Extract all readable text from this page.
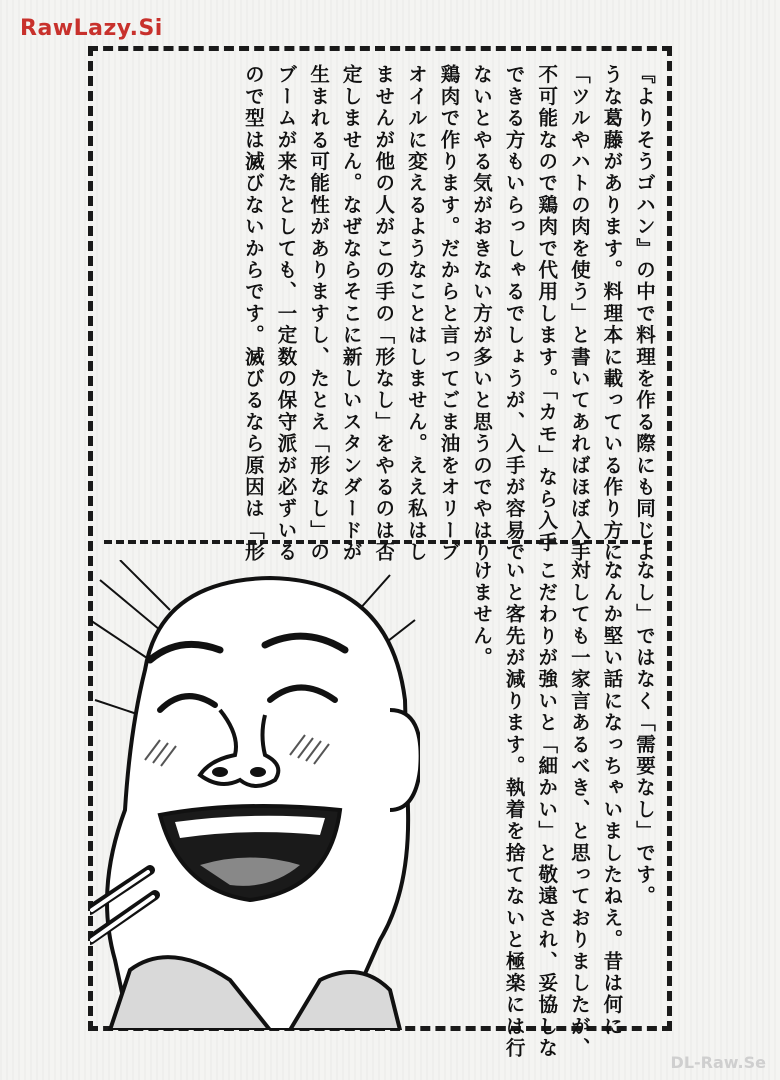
RawLazy.Si
DL-Raw.Se
『よりそうゴハン』の中で料理を作る際にも同じよ
うな葛藤があります。料理本に載っている作り方に、
「ツルやハトの肉を使う」と書いてあればほぼ入手
不可能なので鶏肉で代用します。「カモ」なら入手
できる方もいらっしゃるでしょうが、入手が容易で
ないとやる気がおきない方が多いと思うのでやはり
鶏肉で作ります。だからと言ってごま油をオリーブ
オイルに変えるようなことはしません。ええ私はし
ませんが他の人がこの手の「形なし」をやるのは否
定しません。なぜならそこに新しいスタンダードが
生まれる可能性がありますし、たとえ「形なし」の
ブームが来たとしても、一定数の保守派が必ずいる
ので型は滅びないからです。滅びるなら原因は「形
なし」ではなく「需要なし」です。
なんか堅い話になっちゃいましたねえ。昔は何に
対しても一家言あるべき、と思っておりましたが、
こだわりが強いと「細かい」と敬遠され、妥協しな
いと客先が減ります。執着を捨てないと極楽には行
けません。
